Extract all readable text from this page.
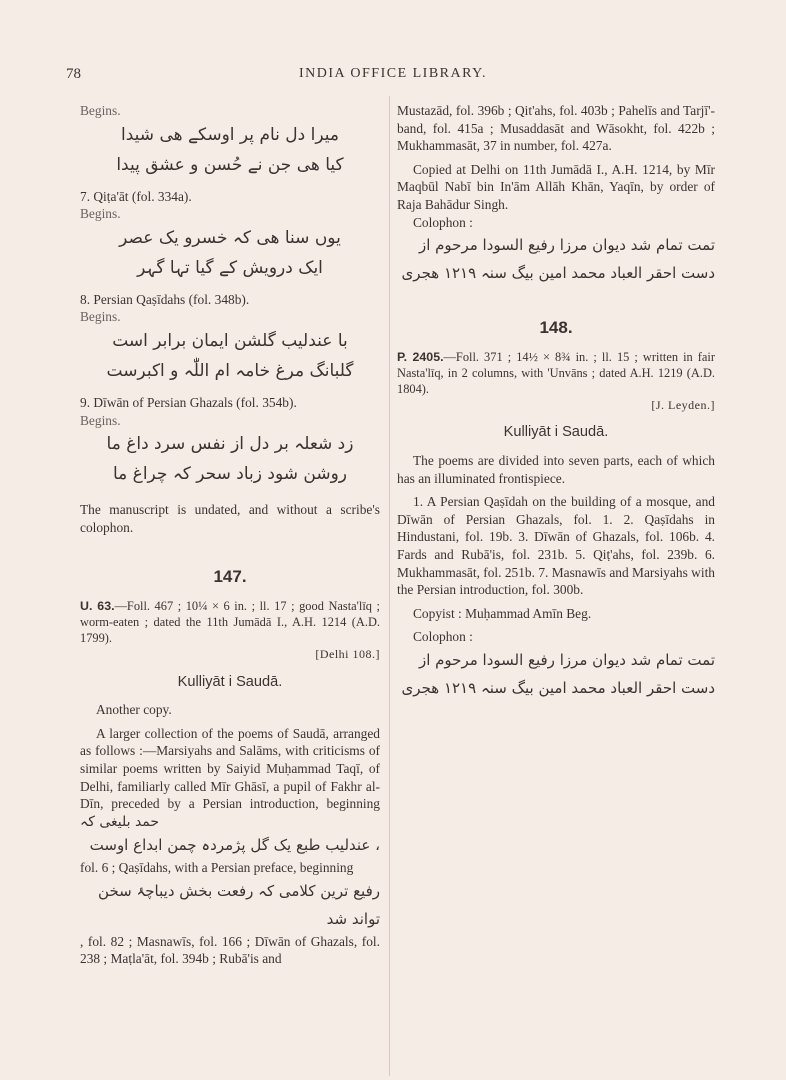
78	INDIA OFFICE LIBRARY.

Begins.

میرا دل نام پر اوسکے ھی شیدا
کیا ھی جن نے حُسن و عشق پیدا

7. Qiṭa'āt (fol. 334a).

Begins.

یوں سنا ھی کہ خسرو یک عصر
ایک درویش کے گیا تہا گہر

8. Persian Qaṣīdahs (fol. 348b).

Begins.

با عندلیب گلشن ایمان برابر است
گلبانگ مرغ خامہ ام اللّٰہ و اکبرست

9. Dīwān of Persian Ghazals (fol. 354b).

Begins.

زد شعلہ بر دل از نفس سرد داغ ما
روشن شود زباد سحر کہ چراغ ما

The manuscript is undated, and without a scribe's colophon.

147.

U. 63.—Foll. 467 ; 10¼ × 6 in. ; ll. 17 ; good Nasta'līq ; worm-eaten ; dated the 11th Jumādā I., A.H. 1214 (A.D. 1799).

[Delhi 108.]

Kulliyāt i Saudā.

Another copy.

A larger collection of the poems of Saudā, arranged as follows :—Marsiyahs and Salāms, with criticisms of similar poems written by Saiyid Muḥammad Taqī, of Delhi, familiarly called Mīr Ghāsī, a pupil of Fakhr al-Dīn, preceded by a Persian introduction, beginning حمد بلیغی کہ

، عندلیب طبع یک گل پژمردہ چمن ابداع اوست

fol. 6 ; Qaṣīdahs, with a Persian preface, beginning

رفیع ترین کلامی کہ رفعت بخش دیباچۂ سخن تواند شد

, fol. 82 ; Masnawīs, fol. 166 ; Dīwān of Ghazals, fol. 238 ; Maṭla'āt, fol. 394b ; Rubā'is and

Mustazād, fol. 396b ; Qit'ahs, fol. 403b ; Pahelīs and Tarjī'-band, fol. 415a ; Musaddasāt and Wāsokht, fol. 422b ; Mukhammasāt, 37 in number, fol. 427a.

Copied at Delhi on 11th Jumādā I., A.H. 1214, by Mīr Maqbūl Nabī bin In'ām Allāh Khān, Yaqīn, by order of Raja Bahādur Singh.

Colophon :

تمت تمام شد دیوان مرزا رفیع السودا مرحوم از
دست احقر العباد محمد امین بیگ سنہ ۱۲۱۹ ھجری
148.

P. 2405.—Foll. 371 ; 14½ × 8¾ in. ; ll. 15 ; written in fair Nasta'līq, in 2 columns, with 'Unvāns ; dated A.H. 1219 (A.D. 1804).

[J. Leyden.]

Kulliyāt i Saudā.

The poems are divided into seven parts, each of which has an illuminated frontispiece.

1. A Persian Qaṣīdah on the building of a mosque, and Dīwān of Persian Ghazals, fol. 1. 2. Qaṣīdahs in Hindustani, fol. 19b. 3. Dīwān of Ghazals, fol. 106b. 4. Fards and Rubā'is, fol. 231b. 5. Qiṭ'ahs, fol. 239b. 6. Mukhammasāt, fol. 251b. 7. Masnawīs and Marsiyahs with the Persian introduction, fol. 300b.

Copyist : Muḥammad Amīn Beg.

Colophon :

تمت تمام شد دیوان مرزا رفیع السودا مرحوم از
دست احقر العباد محمد امین بیگ سنہ ۱۲۱۹ ھجری
